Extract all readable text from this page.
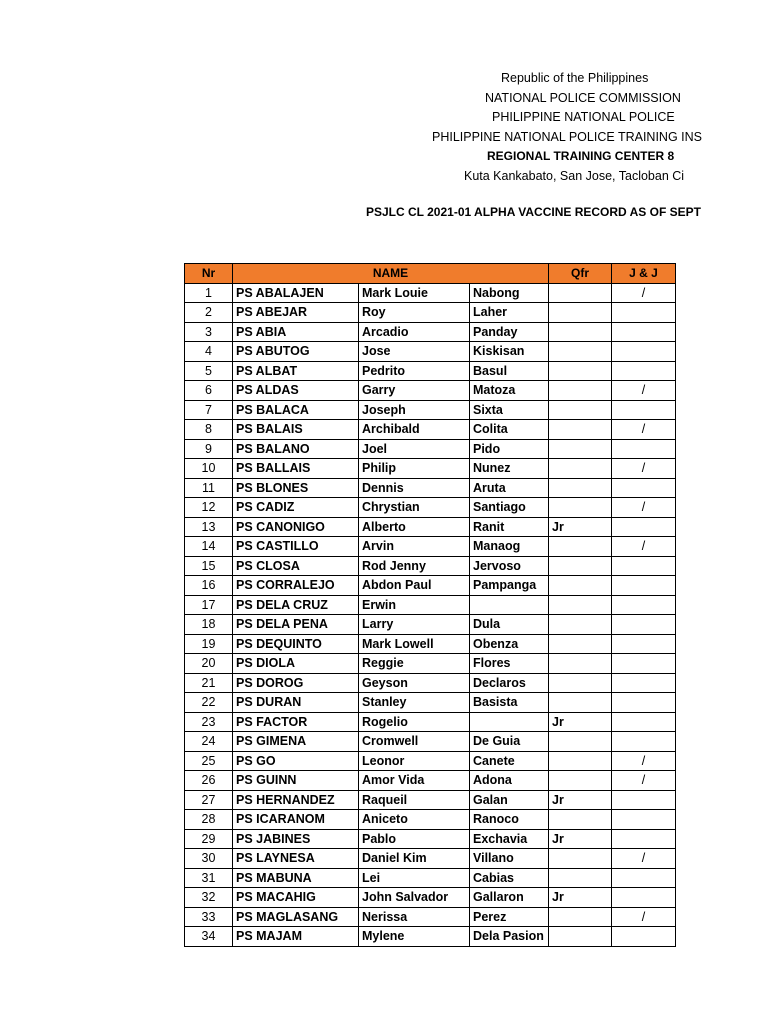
Republic of the Philippines
NATIONAL POLICE COMMISSION
PHILIPPINE NATIONAL POLICE
PHILIPPINE NATIONAL POLICE TRAINING INS
REGIONAL TRAINING CENTER 8
Kuta Kankabato, San Jose, Tacloban Ci
PSJLC CL 2021-01 ALPHA VACCINE RECORD AS OF SEPT
Nr	NAME			Qfr	J & J
1	PS ABALAJEN	Mark Louie	Nabong		/
2	PS ABEJAR	Roy	Laher		
3	PS ABIA	Arcadio	Panday		
4	PS ABUTOG	Jose	Kiskisan		
5	PS ALBAT	Pedrito	Basul		
6	PS ALDAS	Garry	Matoza		/
7	PS BALACA	Joseph	Sixta		
8	PS BALAIS	Archibald	Colita		/
9	PS BALANO	Joel	Pido		
10	PS BALLAIS	Philip	Nunez		/
11	PS BLONES	Dennis	Aruta		
12	PS CADIZ	Chrystian	Santiago		/
13	PS CANONIGO	Alberto	Ranit	Jr	
14	PS CASTILLO	Arvin	Manaog		/
15	PS CLOSA	Rod Jenny	Jervoso		
16	PS CORRALEJO	Abdon Paul	Pampanga		
17	PS DELA CRUZ	Erwin			
18	PS DELA PENA	Larry	Dula		
19	PS DEQUINTO	Mark Lowell	Obenza		
20	PS DIOLA	Reggie	Flores		
21	PS DOROG	Geyson	Declaros		
22	PS DURAN	Stanley	Basista		
23	PS FACTOR	Rogelio		Jr	
24	PS GIMENA	Cromwell	De Guia		
25	PS GO	Leonor	Canete		/
26	PS GUINN	Amor Vida	Adona		/
27	PS HERNANDEZ	Raqueil	Galan	Jr	
28	PS ICARANOM	Aniceto	Ranoco		
29	PS JABINES	Pablo	Exchavia	Jr	
30	PS LAYNESA	Daniel Kim	Villano		/
31	PS MABUNA	Lei	Cabias		
32	PS MACAHIG	John Salvador	Gallaron	Jr	
33	PS MAGLASANG	Nerissa	Perez		/
34	PS MAJAM	Mylene	Dela Pasion		
